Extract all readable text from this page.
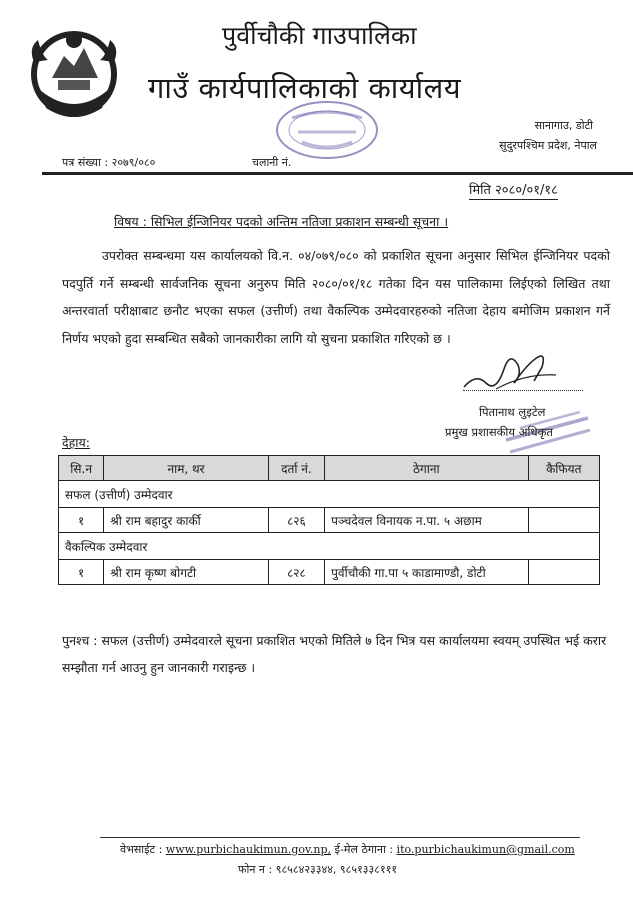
पुर्वीचौकी गाउपालिका
गाउँ कार्यपालिकाको कार्यालय
सानागाउ, डोटी
सुदुरपश्चिम प्रदेश, नेपाल
पत्र संख्या : २०७९/०८०	चलानी नं.
मिति २०८०/०१/१८
विषय : सिभिल ईन्जिनियर पदको अन्तिम नतिजा प्रकाशन सम्बन्धी सूचना ।

उपरोक्त सम्बन्धमा यस कार्यालयको वि.न. ०४/०७९/०८० को प्रकाशित सूचना अनुसार सिभिल ईन्जिनियर पदको पदपुर्ति गर्ने सम्बन्धी सार्वजनिक सूचना अनुरुप मिति २०८०/०१/१८ गतेका दिन यस पालिकामा लिईएको लिखित तथा अन्तरवार्ता परीक्षाबाट छनौट भएका सफल (उत्तीर्ण) तथा वैकल्पिक उम्मेदवारहरुको नतिजा देहाय बमोजिम प्रकाशन गर्ने निर्णय भएको हुदा सम्बन्धित सबैको जानकारीका लागि यो सुचना प्रकाशित गरिएको छ ।

पितानाथ लुइटेल
प्रमुख प्रशासकीय अधिकृत
देहाय:
सि.न	नाम, थर	दर्ता नं.	ठेगाना	कैफियत
सफल (उत्तीर्ण) उम्मेदवार				
१	श्री राम बहादुर कार्की	८२६	पञ्चदेवल विनायक न.पा. ५ अछाम	
वैकल्पिक उम्मेदवार				
१	श्री राम कृष्ण बोगटी	८२८	पुर्वीचौकी गा.पा ५ काडामाण्डौ, डोटी	

पुनश्च : सफल (उत्तीर्ण) उम्मेदवारले सूचना प्रकाशित भएको मितिले ७ दिन भित्र यस कार्यालयमा स्वयम् उपस्थित भई करार सम्झौता गर्न आउनु हुन जानकारी गराइन्छ ।

वेभसाईट : www.purbichaukimun.gov.np, ई-मेल ठेगाना : ito.purbichaukimun@gmail.com
फोन न : ९८५८४२३३४४, ९८५१३३८१११
